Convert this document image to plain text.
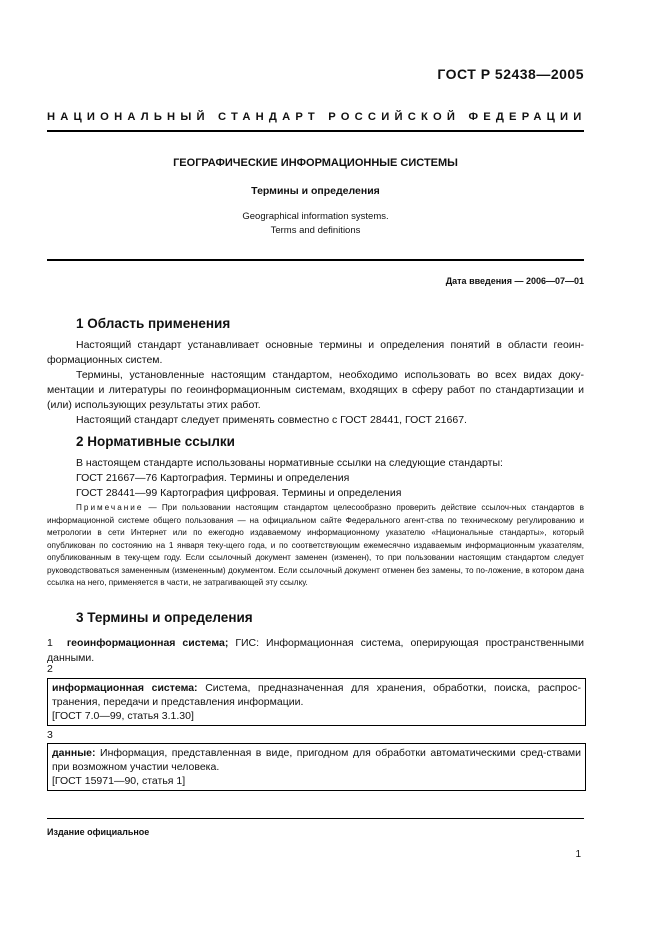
ГОСТ Р 52438—2005
НАЦИОНАЛЬНЫЙ СТАНДАРТ РОССИЙСКОЙ ФЕДЕРАЦИИ
ГЕОГРАФИЧЕСКИЕ ИНФОРМАЦИОННЫЕ СИСТЕМЫ
Термины и определения
Geographical information systems.
Terms and definitions
Дата введения — 2006—07—01
1 Область применения

Настоящий стандарт устанавливает основные термины и определения понятий в области геоин-формационных систем.

Термины, установленные настоящим стандартом, необходимо использовать во всех видах доку-ментации и литературы по геоинформационным системам, входящих в сферу работ по стандартизации и (или) использующих результаты этих работ.

Настоящий стандарт следует применять совместно с ГОСТ 28441, ГОСТ 21667.

2 Нормативные ссылки

В настоящем стандарте использованы нормативные ссылки на следующие стандарты:

ГОСТ 21667—76 Картография. Термины и определения

ГОСТ 28441—99 Картография цифровая. Термины и определения

Примечание — При пользовании настоящим стандартом целесообразно проверить действие ссылоч-ных стандартов в информационной системе общего пользования — на официальном сайте Федерального агент-ства по техническому регулированию и метрологии в сети Интернет или по ежегодно издаваемому информационному указателю «Национальные стандарты», который опубликован по состоянию на 1 января теку-щего года, и по соответствующим ежемесячно издаваемым информационным указателям, опубликованным в теку-щем году. Если ссылочный документ заменен (изменен), то при пользовании настоящим стандартом следует руководствоваться замененным (измененным) документом. Если ссылочный документ отменен без замены, то по-ложение, в котором дана ссылка на него, применяется в части, не затрагивающей эту ссылку.
3 Термины и определения

1 геоинформационная система; ГИС: Информационная система, оперирующая пространственными данными.

2
информационная система: Система, предназначенная для хранения, обработки, поиска, распрос-транения, передачи и представления информации.
[ГОСТ 7.0—99, статья 3.1.30]
3
данные: Информация, представленная в виде, пригодном для обработки автоматическими сред-ствами при возможном участии человека.
[ГОСТ 15971—90, статья 1]
Издание официальное
1
